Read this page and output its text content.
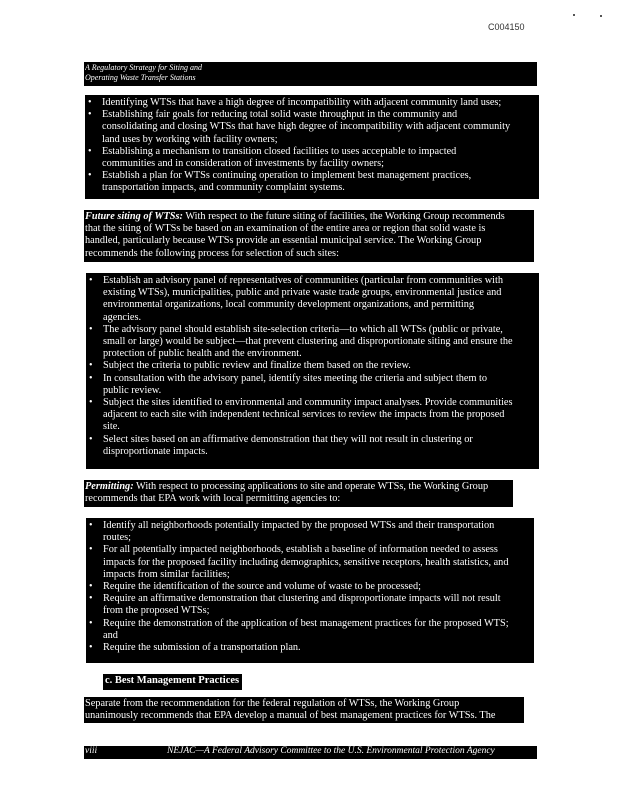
C004150
A Regulatory Strategy for Siting and
Operating Waste Transfer Stations
• Identifying WTSs that have a high degree of incompatibility with adjacent community land uses;
• Establishing fair goals for reducing total solid waste throughput in the community and
consolidating and closing WTSs that have high degree of incompatibility with adjacent community
land uses by working with facility owners;
• Establishing a mechanism to transition closed facilities to uses acceptable to impacted
communities and in consideration of investments by facility owners;
• Establish a plan for WTSs continuing operation to implement best management practices,
transportation impacts, and community complaint systems.
Future siting of WTSs: With respect to the future siting of facilities, the Working Group recommends
that the siting of WTSs be based on an examination of the entire area or region that solid waste is
handled, particularly because WTSs provide an essential municipal service. The Working Group
recommends the following process for selection of such sites:
• Establish an advisory panel of representatives of communities (particular from communities with
existing WTSs), municipalities, public and private waste trade groups, environmental justice and
environmental organizations, local community development organizations, and permitting
agencies.
• The advisory panel should establish site-selection criteria—to which all WTSs (public or private,
small or large) would be subject—that prevent clustering and disproportionate siting and ensure the
protection of public health and the environment.
• Subject the criteria to public review and finalize them based on the review.
• In consultation with the advisory panel, identify sites meeting the criteria and subject them to
public review.
• Subject the sites identified to environmental and community impact analyses. Provide communities
adjacent to each site with independent technical services to review the impacts from the proposed
site.
• Select sites based on an affirmative demonstration that they will not result in clustering or
disproportionate impacts.
Permitting: With respect to processing applications to site and operate WTSs, the Working Group
recommends that EPA work with local permitting agencies to:
• Identify all neighborhoods potentially impacted by the proposed WTSs and their transportation
routes;
• For all potentially impacted neighborhoods, establish a baseline of information needed to assess
impacts for the proposed facility including demographics, sensitive receptors, health statistics, and
impacts from similar facilities;
• Require the identification of the source and volume of waste to be processed;
• Require an affirmative demonstration that clustering and disproportionate impacts will not result
from the proposed WTSs;
• Require the demonstration of the application of best management practices for the proposed WTS;
and
• Require the submission of a transportation plan.
c. Best Management Practices
Separate from the recommendation for the federal regulation of WTSs, the Working Group
unanimously recommends that EPA develop a manual of best management practices for WTSs. The
viii	NEJAC—A Federal Advisory Committee to the U.S. Environmental Protection Agency
